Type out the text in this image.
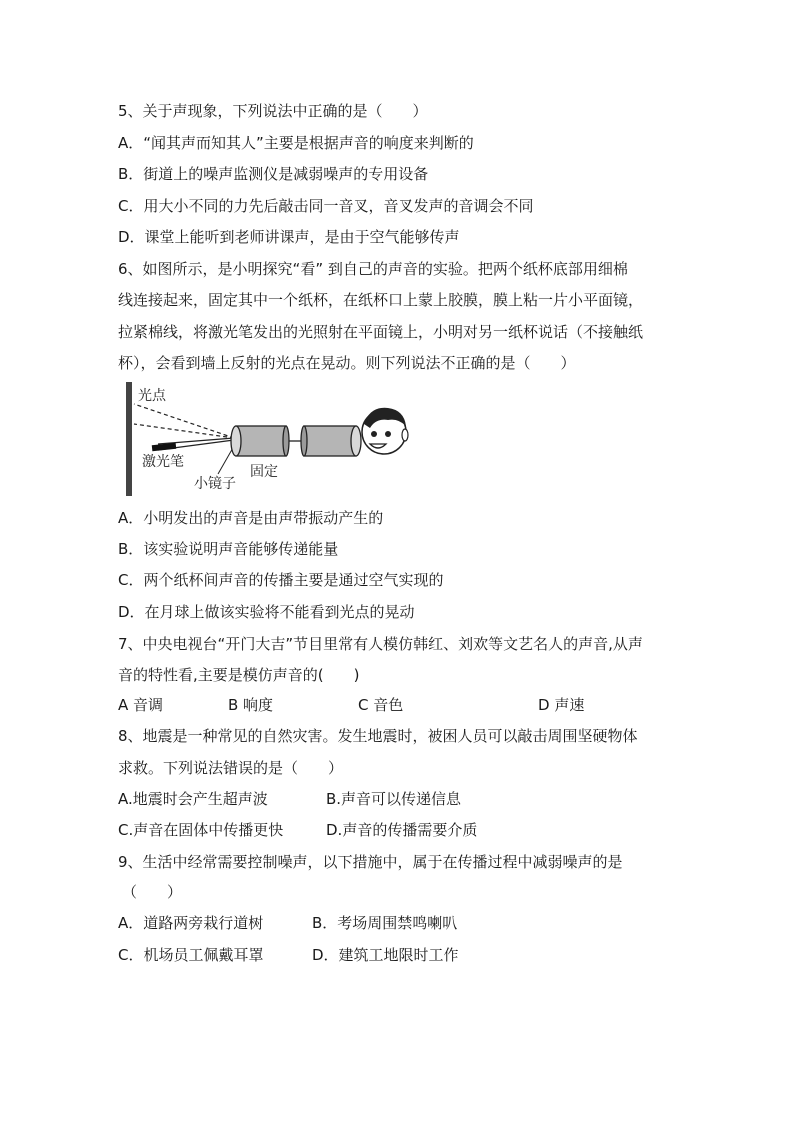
5、关于声现象，下列说法中正确的是（　　）
A．“闻其声而知其人”主要是根据声音的响度来判断的
B．街道上的噪声监测仪是减弱噪声的专用设备
C．用大小不同的力先后敲击同一音叉，音叉发声的音调会不同
D．课堂上能听到老师讲课声，是由于空气能够传声
6、如图所示，是小明探究“看” 到自己的声音的实验。把两个纸杯底部用细棉
线连接起来，固定其中一个纸杯，在纸杯口上蒙上胶膜，膜上粘一片小平面镜，
拉紧棉线，将激光笔发出的光照射在平面镜上，小明对另一纸杯说话（不接触纸
杯），会看到墙上反射的光点在晃动。则下列说法不正确的是（　　）
光点
激光笔
小镜子
固定
A．小明发出的声音是由声带振动产生的
B．该实验说明声音能够传递能量
C．两个纸杯间声音的传播主要是通过空气实现的
D．在月球上做该实验将不能看到光点的晃动
7、中央电视台“开门大吉”节目里常有人模仿韩红、刘欢等文艺名人的声音,从声
音的特性看,主要是模仿声音的(　　)
A 音调	B 响度	C 音色	D 声速
8、地震是一种常见的自然灾害。发生地震时，被困人员可以敲击周围坚硬物体
求救。下列说法错误的是（　　）
A.地震时会产生超声波	B.声音可以传递信息
C.声音在固体中传播更快	D.声音的传播需要介质
9、生活中经常需要控制噪声，以下措施中，属于在传播过程中减弱噪声的是
（　　）
A．道路两旁栽行道树	B．考场周围禁鸣喇叭
C．机场员工佩戴耳罩	D．建筑工地限时工作
